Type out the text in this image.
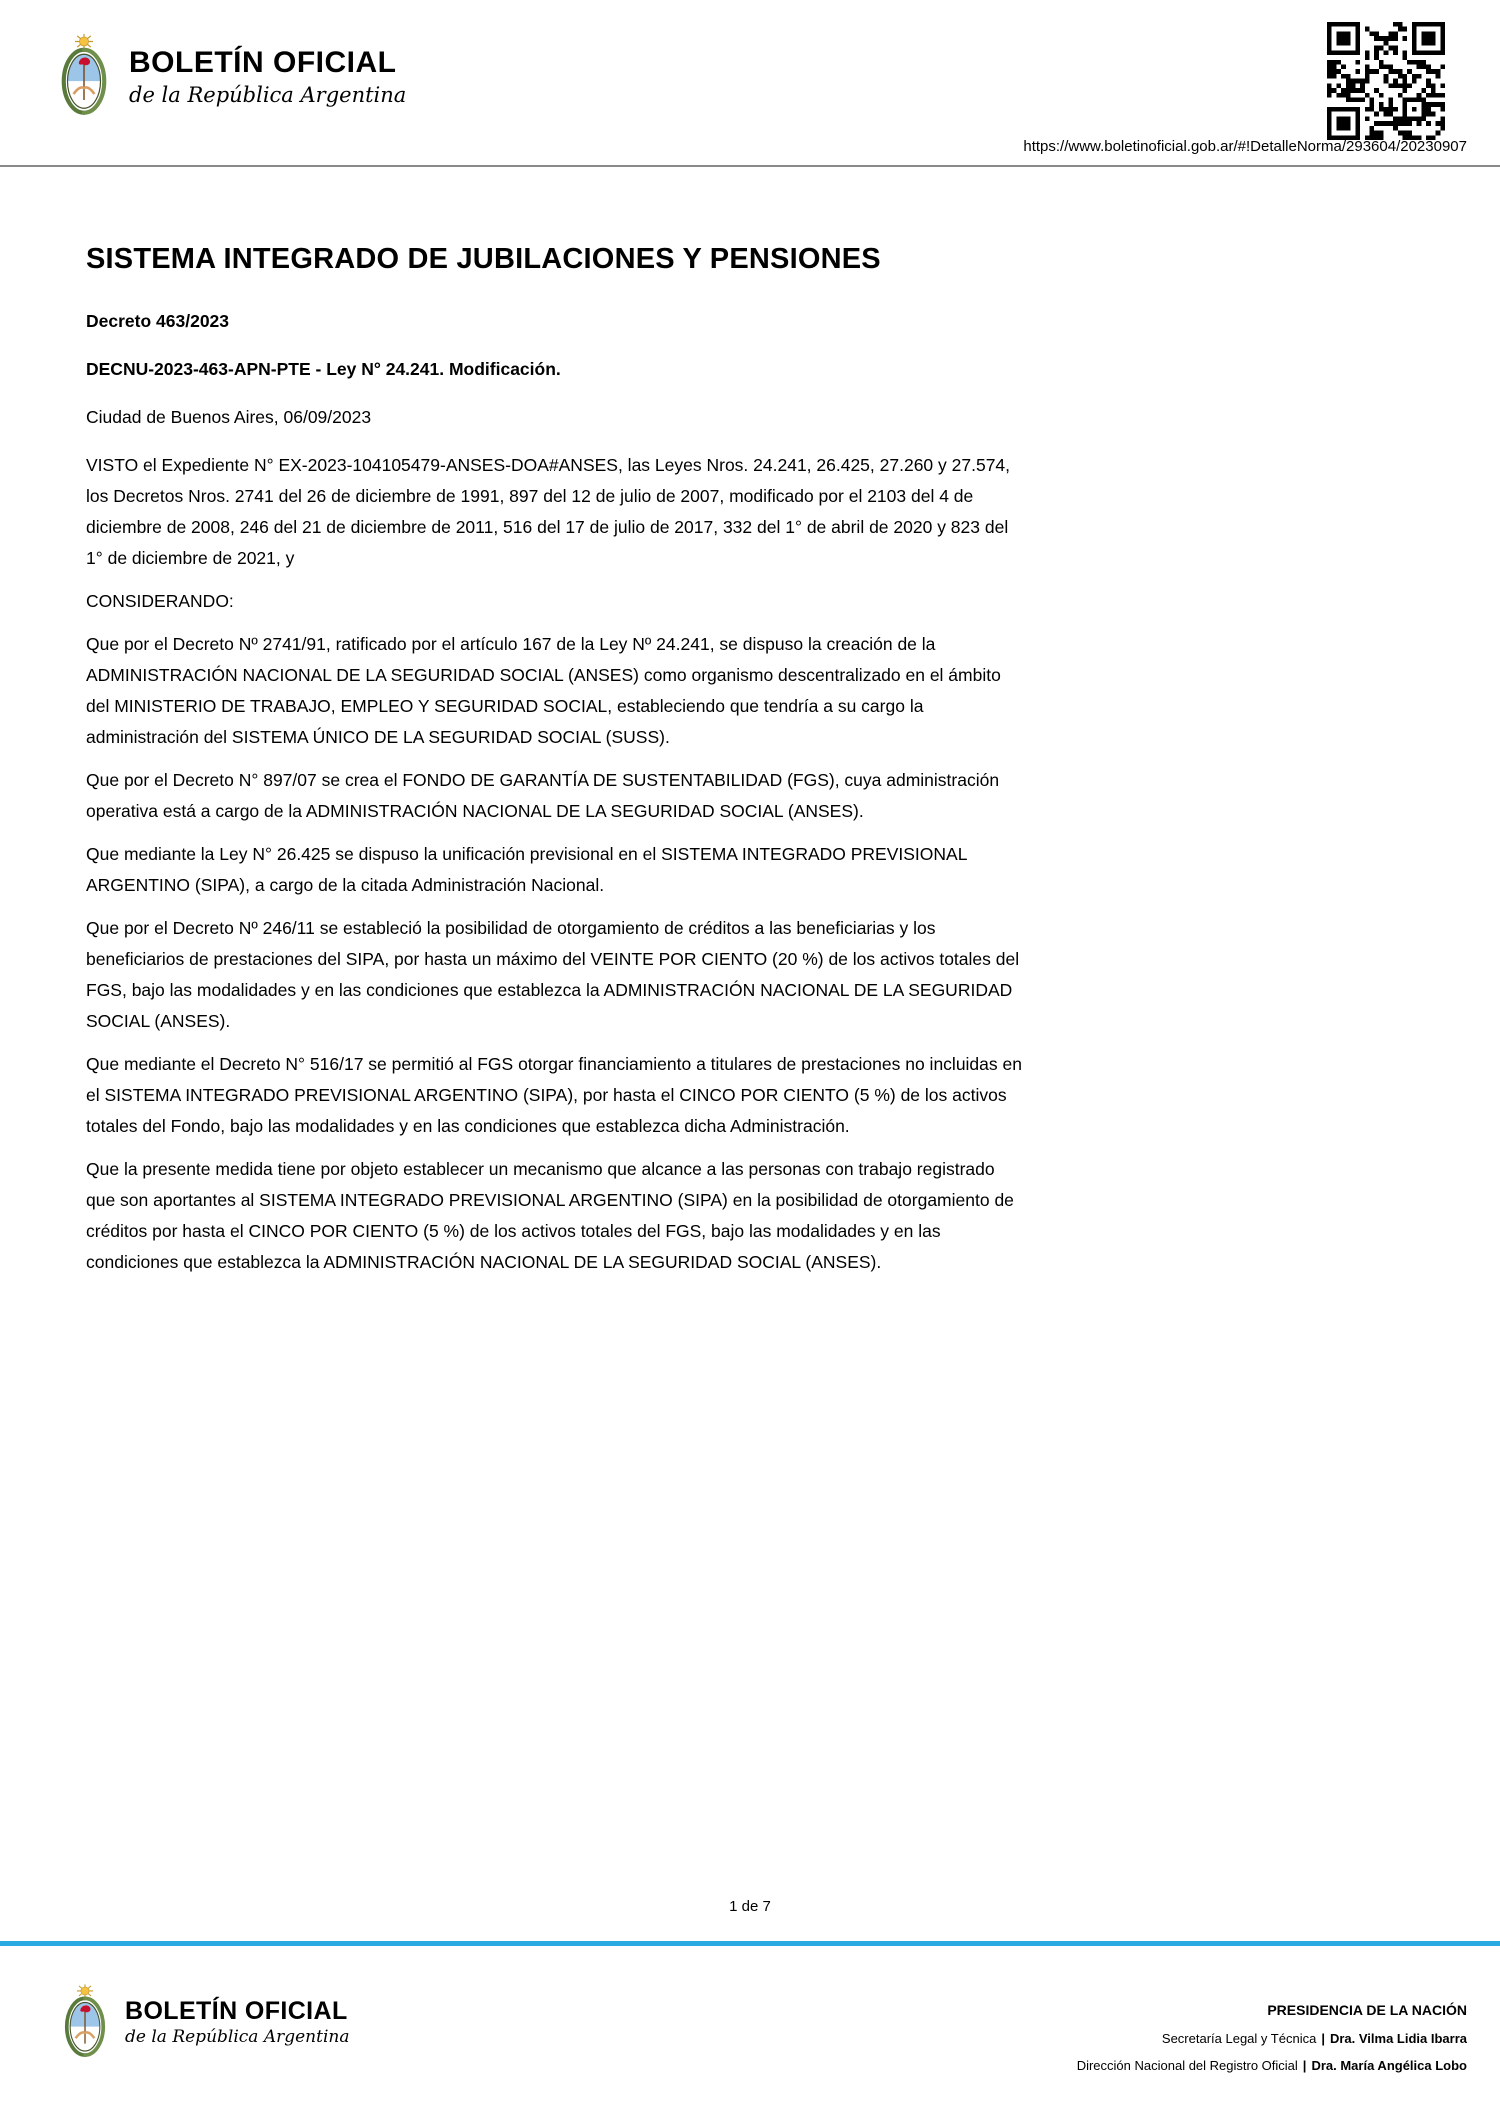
BOLETÍN OFICIAL
de la República Argentina
https://www.boletinoficial.gob.ar/#!DetalleNorma/293604/20230907
SISTEMA INTEGRADO DE JUBILACIONES Y PENSIONES

Decreto 463/2023

DECNU-2023-463-APN-PTE - Ley N° 24.241. Modificación.

Ciudad de Buenos Aires, 06/09/2023

VISTO el Expediente N° EX-2023-104105479-ANSES-DOA#ANSES, las Leyes Nros. 24.241, 26.425, 27.260 y 27.574, los Decretos Nros. 2741 del 26 de diciembre de 1991, 897 del 12 de julio de 2007, modificado por el 2103 del 4 de diciembre de 2008, 246 del 21 de diciembre de 2011, 516 del 17 de julio de 2017, 332 del 1° de abril de 2020 y 823 del 1° de diciembre de 2021, y

CONSIDERANDO:

Que por el Decreto Nº 2741/91, ratificado por el artículo 167 de la Ley Nº 24.241, se dispuso la creación de la ADMINISTRACIÓN NACIONAL DE LA SEGURIDAD SOCIAL (ANSES) como organismo descentralizado en el ámbito del MINISTERIO DE TRABAJO, EMPLEO Y SEGURIDAD SOCIAL, estableciendo que tendría a su cargo la administración del SISTEMA ÚNICO DE LA SEGURIDAD SOCIAL (SUSS).

Que por el Decreto N° 897/07 se crea el FONDO DE GARANTÍA DE SUSTENTABILIDAD (FGS), cuya administración operativa está a cargo de la ADMINISTRACIÓN NACIONAL DE LA SEGURIDAD SOCIAL (ANSES).

Que mediante la Ley N° 26.425 se dispuso la unificación previsional en el SISTEMA INTEGRADO PREVISIONAL ARGENTINO (SIPA), a cargo de la citada Administración Nacional.

Que por el Decreto Nº 246/11 se estableció la posibilidad de otorgamiento de créditos a las beneficiarias y los beneficiarios de prestaciones del SIPA, por hasta un máximo del VEINTE POR CIENTO (20 %) de los activos totales del FGS, bajo las modalidades y en las condiciones que establezca la ADMINISTRACIÓN NACIONAL DE LA SEGURIDAD SOCIAL (ANSES).

Que mediante el Decreto N° 516/17 se permitió al FGS otorgar financiamiento a titulares de prestaciones no incluidas en el SISTEMA INTEGRADO PREVISIONAL ARGENTINO (SIPA), por hasta el CINCO POR CIENTO (5 %) de los activos totales del Fondo, bajo las modalidades y en las condiciones que establezca dicha Administración.

Que la presente medida tiene por objeto establecer un mecanismo que alcance a las personas con trabajo registrado que son aportantes al SISTEMA INTEGRADO PREVISIONAL ARGENTINO (SIPA) en la posibilidad de otorgamiento de créditos por hasta el CINCO POR CIENTO (5 %) de los activos totales del FGS, bajo las modalidades y en las condiciones que establezca la ADMINISTRACIÓN NACIONAL DE LA SEGURIDAD SOCIAL (ANSES).

1 de 7
BOLETÍN OFICIAL
de la República Argentina
PRESIDENCIA DE LA NACIÓN
Secretaría Legal y Técnica | Dra. Vilma Lidia Ibarra
Dirección Nacional del Registro Oficial | Dra. María Angélica Lobo
